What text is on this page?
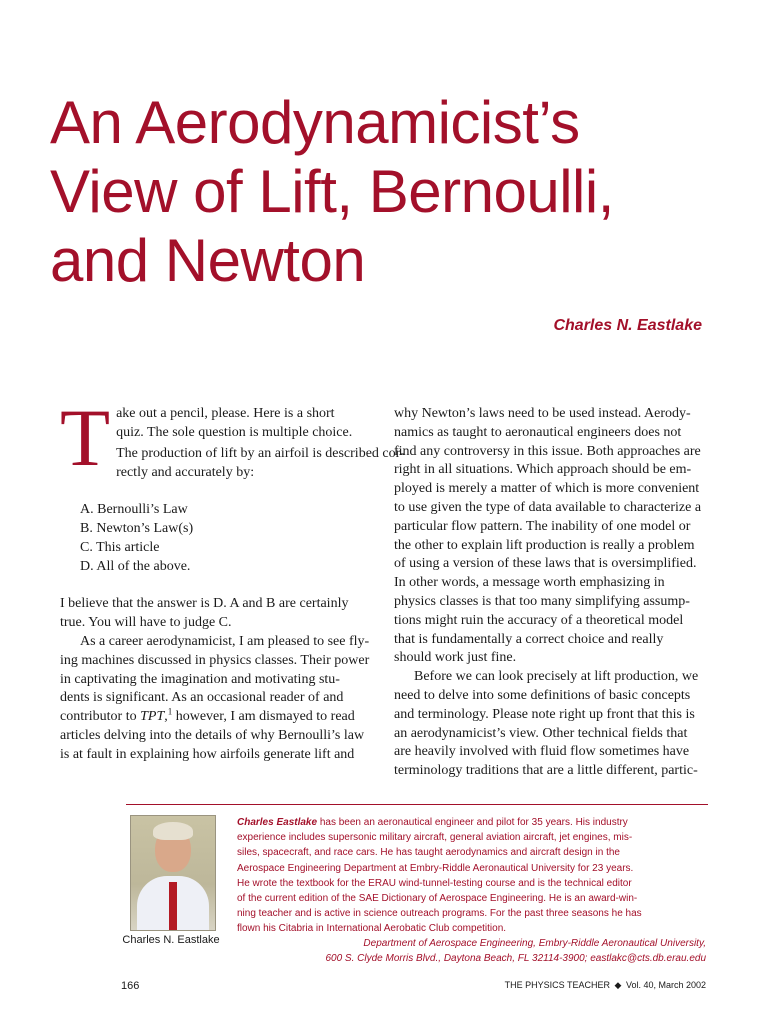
An Aerodynamicist’s
View of Lift, Bernoulli,
and Newton
Charles N. Eastlake
T ake out a pencil, please. Here is a short
quiz. The sole question is multiple choice.
The production of lift by an airfoil is described cor-
rectly and accurately by:
A. Bernoulli’s Law
B. Newton’s Law(s)
C. This article
D. All of the above.
I believe that the answer is D. A and B are certainly
true. You will have to judge C.
As a career aerodynamicist, I am pleased to see fly-
ing machines discussed in physics classes. Their power
in captivating the imagination and motivating stu-
dents is significant. As an occasional reader of and
contributor to TPT,$^1$ however, I am dismayed to read
articles delving into the details of why Bernoulli’s law
is at fault in explaining how airfoils generate lift and
why Newton’s laws need to be used instead. Aerody-
namics as taught to aeronautical engineers does not
find any controversy in this issue. Both approaches are
right in all situations. Which approach should be em-
ployed is merely a matter of which is more convenient
to use given the type of data available to characterize a
particular flow pattern. The inability of one model or
the other to explain lift production is really a problem
of using a version of these laws that is oversimplified.
In other words, a message worth emphasizing in
physics classes is that too many simplifying assump-
tions might ruin the accuracy of a theoretical model
that is fundamentally a correct choice and really
should work just fine.
Before we can look precisely at lift production, we
need to delve into some definitions of basic concepts
and terminology. Please note right up front that this is
an aerodynamicist’s view. Other technical fields that
are heavily involved with fluid flow sometimes have
terminology traditions that are a little different, partic-
Charles N. Eastlake
Charles Eastlake has been an aeronautical engineer and pilot for 35 years. His industry
experience includes supersonic military aircraft, general aviation aircraft, jet engines, mis-
siles, spacecraft, and race cars. He has taught aerodynamics and aircraft design in the
Aerospace Engineering Department at Embry-Riddle Aeronautical University for 23 years.
He wrote the textbook for the ERAU wind-tunnel-testing course and is the technical editor
of the current edition of the SAE Dictionary of Aerospace Engineering. He is an award-win-
ning teacher and is active in science outreach programs. For the past three seasons he has
flown his Citabria in International Aerobatic Club competition.
Department of Aerospace Engineering, Embry-Riddle Aeronautical University,
600 S. Clyde Morris Blvd., Daytona Beach, FL 32114-3900; eastlakc@cts.db.erau.edu
166	THE PHYSICS TEACHER ◆ Vol. 40, March 2002
